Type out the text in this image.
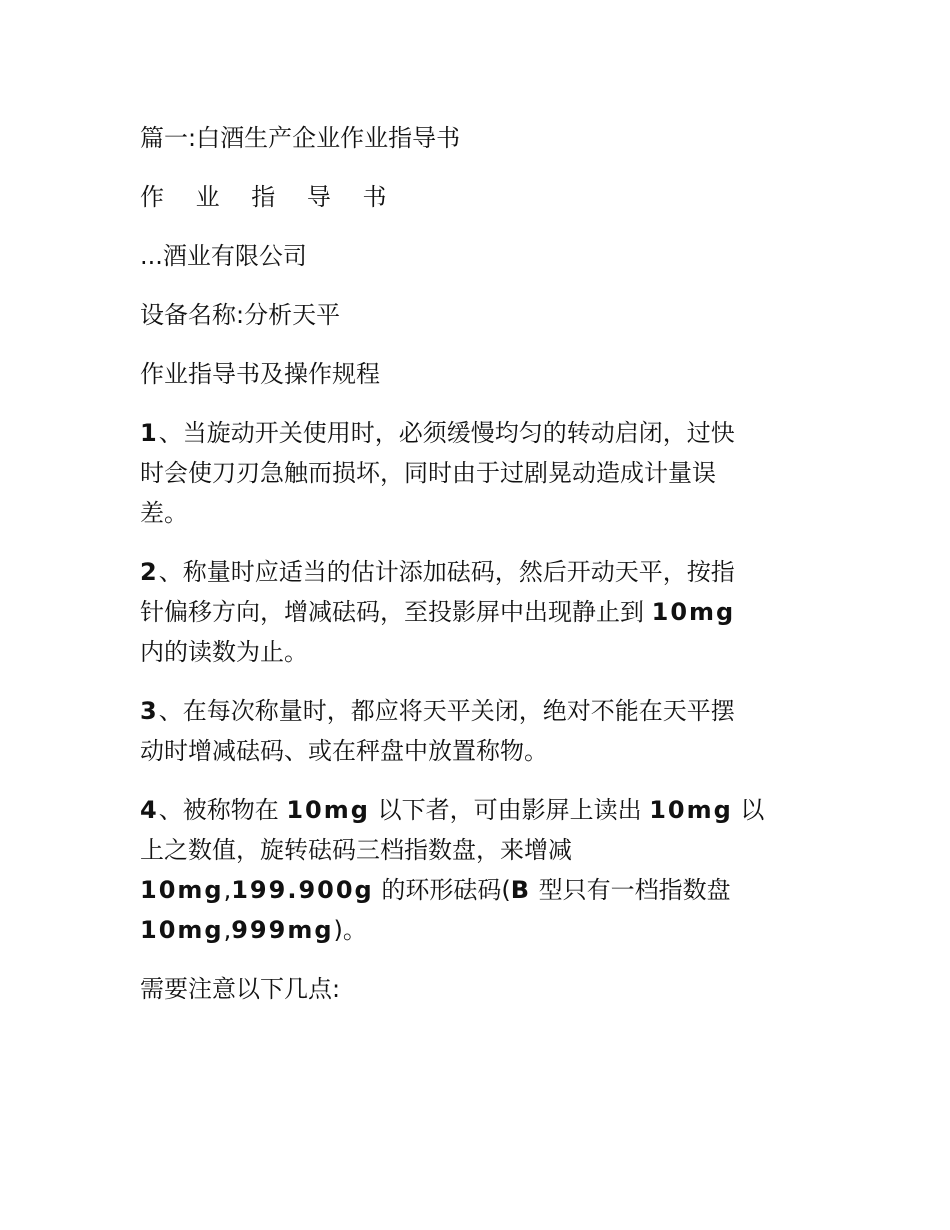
篇一:白酒生产企业作业指导书
作 业 指 导 书
...酒业有限公司
设备名称:分析天平
作业指导书及操作规程
1、当旋动开关使用时，必须缓慢均匀的转动启闭，过快
时会使刀刃急触而损坏，同时由于过剧晃动造成计量误
差。
2、称量时应适当的估计添加砝码，然后开动天平，按指
针偏移方向，增减砝码，至投影屏中出现静止到 10mg
内的读数为止。
3、在每次称量时，都应将天平关闭，绝对不能在天平摆
动时增减砝码、或在秤盘中放置称物。
4、被称物在 10mg 以下者，可由影屏上读出 10mg 以
上之数值，旋转砝码三档指数盘，来增减
10mg,199.900g 的环形砝码(B 型只有一档指数盘
10mg,999mg)。
需要注意以下几点:
